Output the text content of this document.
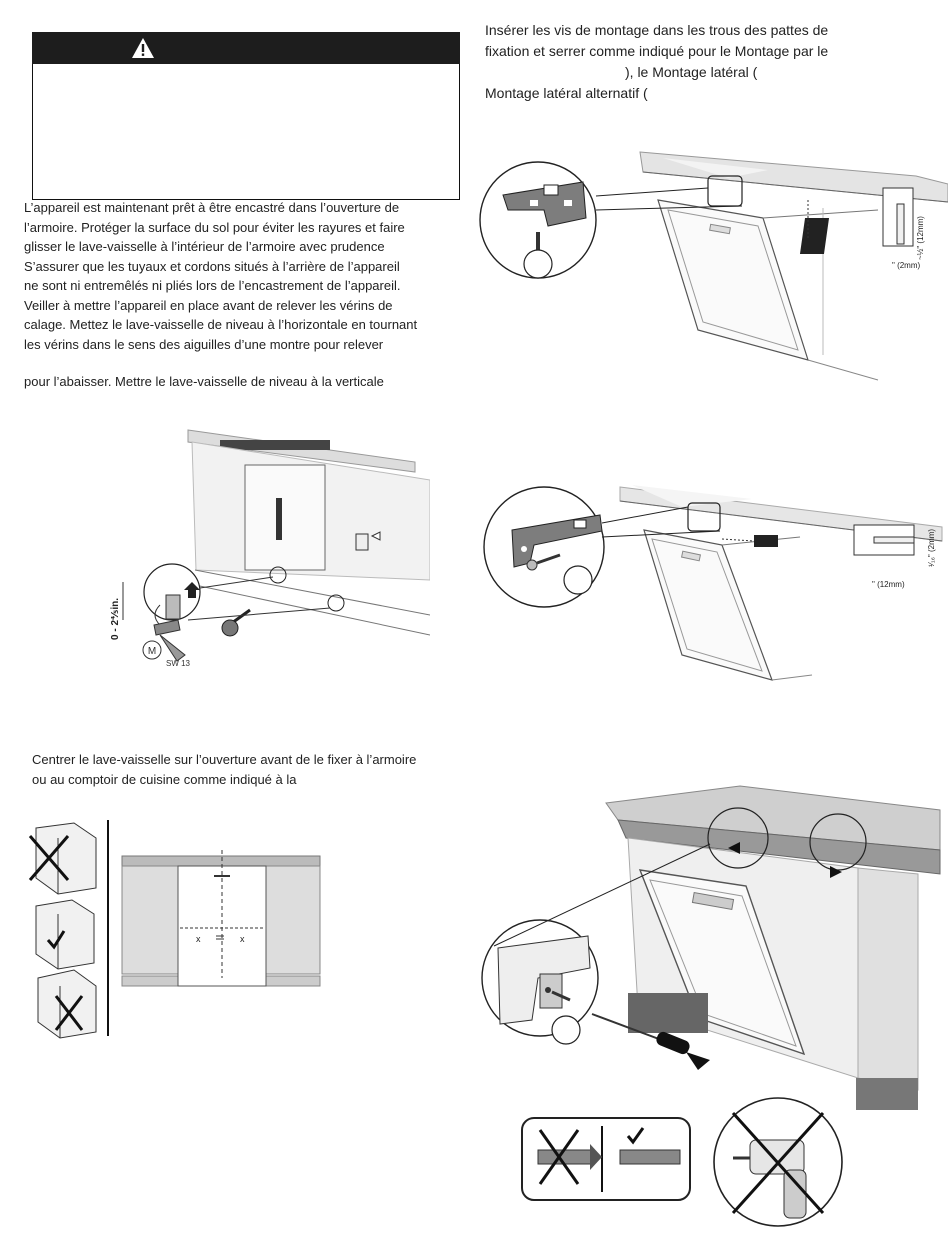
L’appareil est maintenant prêt à être encastré dans l’ouverture de
l’armoire. Protéger la surface du sol pour éviter les rayures et faire
glisser le lave-vaisselle à l’intérieur de l’armoire avec prudence
S’assurer que les tuyaux et cordons situés à l’arrière de l’appareil
ne sont ni entremêlés ni pliés lors de l’encastrement de l’appareil.
Veiller à mettre l’appareil en place avant de relever les vérins de
calage. Mettez le lave-vaisselle de niveau à l’horizontale en tournant
les vérins dans le sens des aiguilles d’une montre pour relever
pour l’abaisser. Mettre le lave-vaisselle de niveau à la verticale
Insérer les vis de montage dans les trous des pattes de
fixation et serrer comme indiqué pour le Montage par le
), le Montage latéral (
Montage latéral alternatif (
~½" (12mm)
" (2mm)
M
SW 13
0 - 2⅘in.
¹⁄₁₆" (2mm)
" (12mm)
Centrer le lave-vaisselle sur l’ouverture avant de le fixer à l’armoire
ou au comptoir de cuisine comme indiqué à la
x	x
